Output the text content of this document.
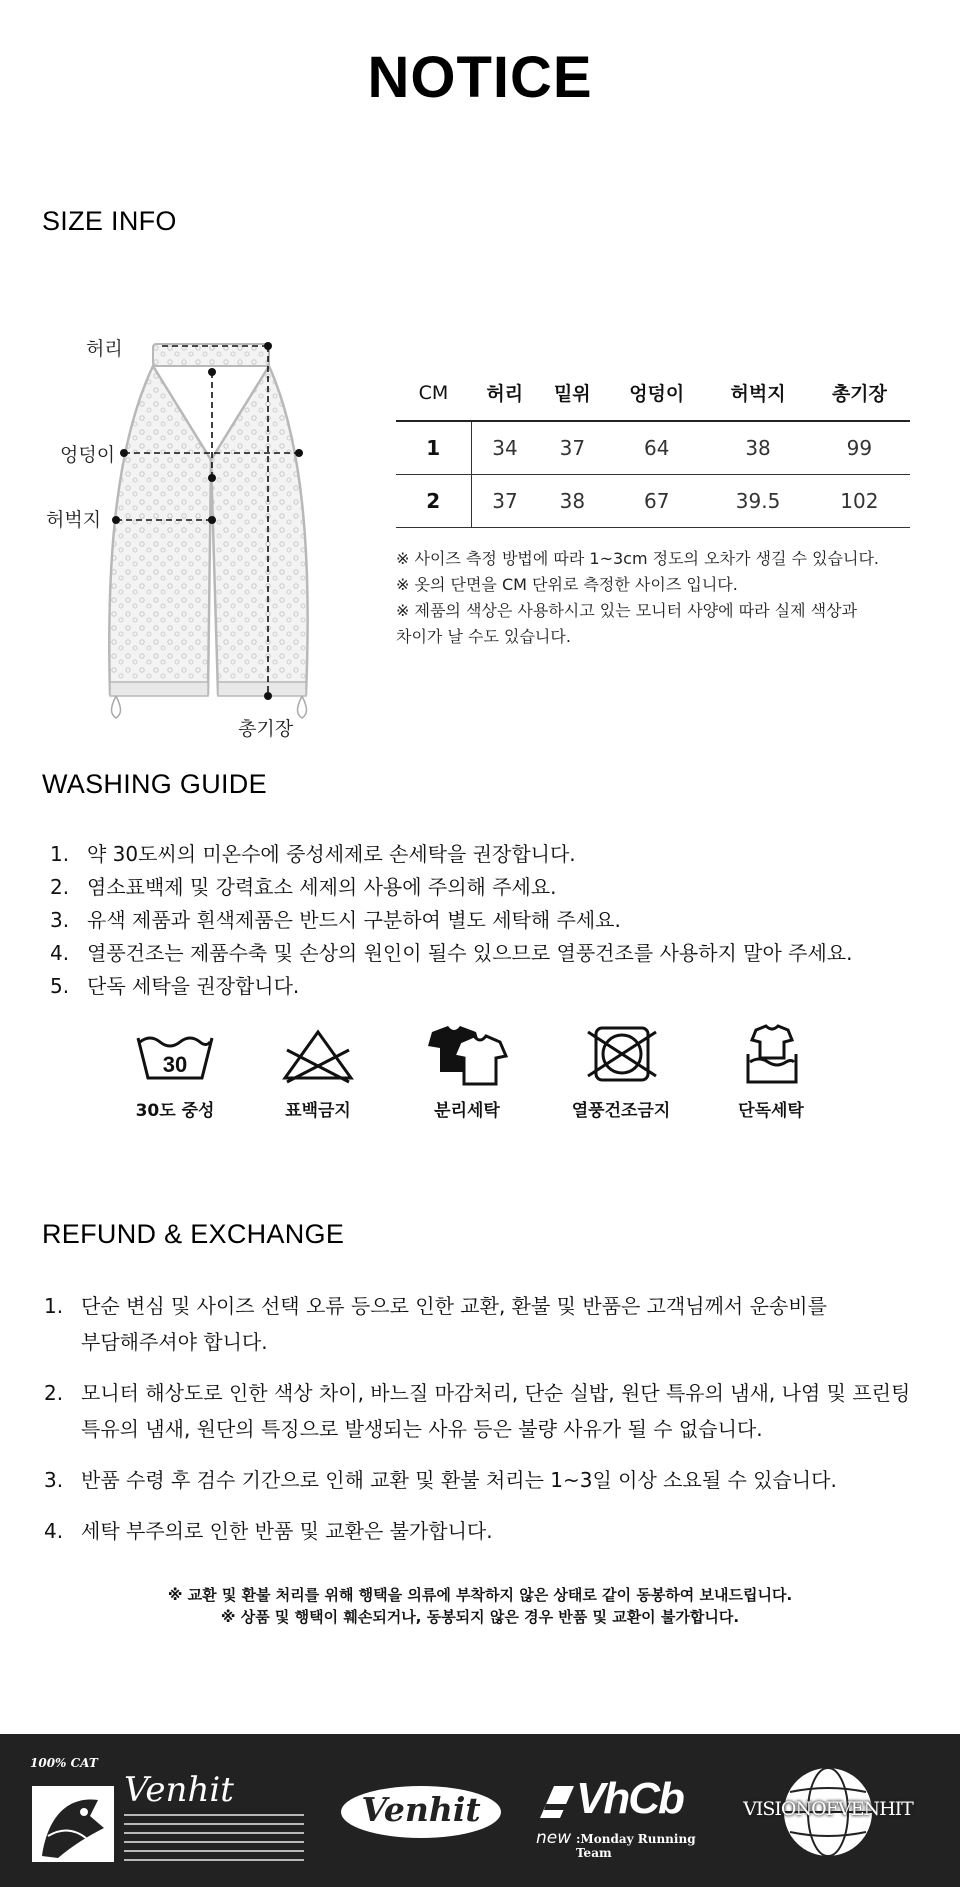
NOTICE
SIZE INFO
허리
엉덩이
허벅지
총기장
CM	허리	밑위	엉덩이	허벅지	총기장
1	34	37	64	38	99
2	37	38	67	39.5	102
※ 사이즈 측정 방법에 따라 1~3cm 정도의 오차가 생길 수 있습니다.
※ 옷의 단면을 CM 단위로 측정한 사이즈 입니다.
※ 제품의 색상은 사용하시고 있는 모니터 사양에 따라 실제 색상과
차이가 날 수도 있습니다.
WASHING GUIDE
1. 약 30도씨의 미온수에 중성세제로 손세탁을 권장합니다.
2. 염소표백제 및 강력효소 세제의 사용에 주의해 주세요.
3. 유색 제품과 흰색제품은 반드시 구분하여 별도 세탁해 주세요.
4. 열풍건조는 제품수축 및 손상의 원인이 될수 있으므로 열풍건조를 사용하지 말아 주세요.
5. 단독 세탁을 권장합니다.
30
30도 중성	표백금지	분리세탁	열풍건조금지	단독세탁
REFUND & EXCHANGE
1. 단순 변심 및 사이즈 선택 오류 등으로 인한 교환, 환불 및 반품은 고객님께서 운송비를
부담해주셔야 합니다.
2. 모니터 해상도로 인한 색상 차이, 바느질 마감처리, 단순 실밥, 원단 특유의 냄새, 나염 및 프린팅
특유의 냄새, 원단의 특징으로 발생되는 사유 등은 불량 사유가 될 수 없습니다.
3. 반품 수령 후 검수 기간으로 인해 교환 및 환불 처리는 1~3일 이상 소요될 수 있습니다.
4. 세탁 부주의로 인한 반품 및 교환은 불가합니다.
※ 교환 및 환불 처리를 위해 행택을 의류에 부착하지 않은 상태로 같이 동봉하여 보내드립니다.
※ 상품 및 행택이 훼손되거나, 동봉되지 않은 경우 반품 및 교환이 불가합니다.
100% CAT
Venhit	Venhit	VhCb
new :Monday Running Team
VISIONOFVENHIT
